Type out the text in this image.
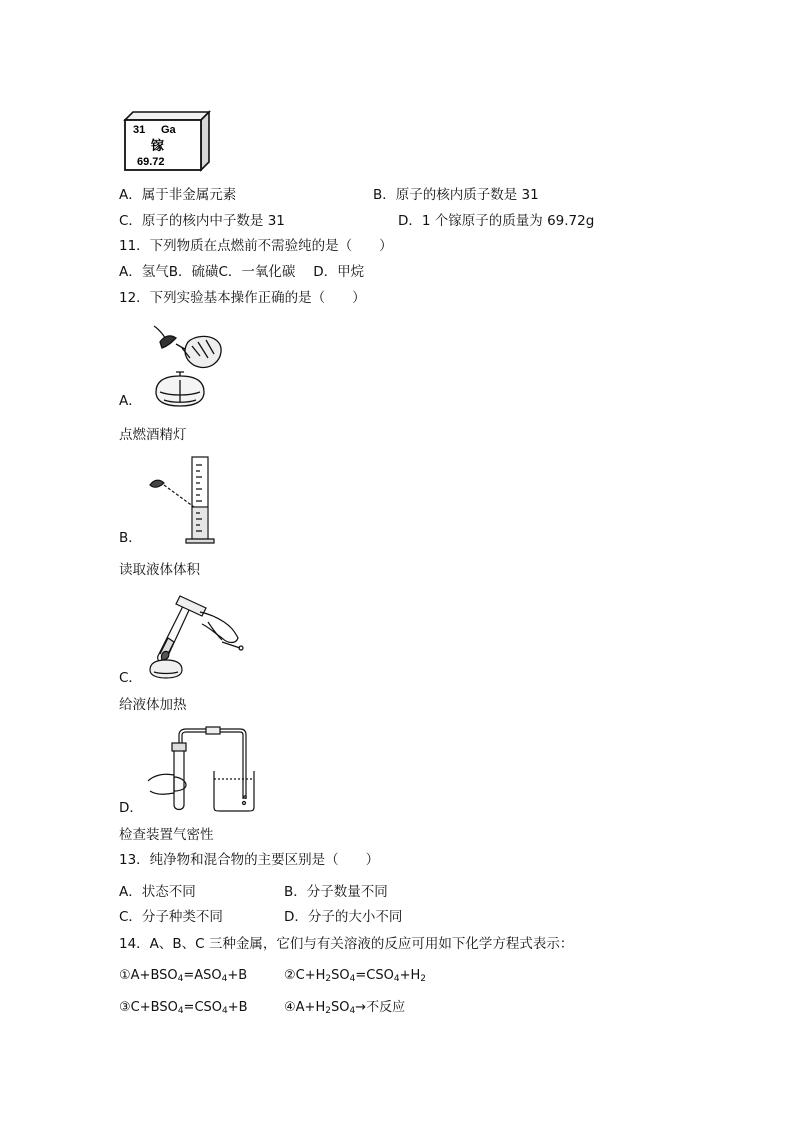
31 Ga
镓
69.72
A．属于非金属元素	B．原子的核内质子数是 31
C．原子的核内中子数是 31	D．1 个镓原子的质量为 69.72g
11．下列物质在点燃前不需验纯的是（　　）
A．氢气B．硫磺C．一氧化碳　 D．甲烷
12．下列实验基本操作正确的是（　　）
A．
点燃酒精灯
B．
读取液体体积
C．
给液体加热
D．
检查装置气密性
13．纯净物和混合物的主要区别是（　　）
A．状态不同	B．分子数量不同
C．分子种类不同	D．分子的大小不同
14．A、B、C 三种金属，它们与有关溶液的反应可用如下化学方程式表示：
$①A+BSO_4=ASO_4+B$	$②C+H_2SO_4=CSO_4+H_2$
$③C+BSO_4=CSO_4+B$	$④A+H_2SO_4\to$不反应
